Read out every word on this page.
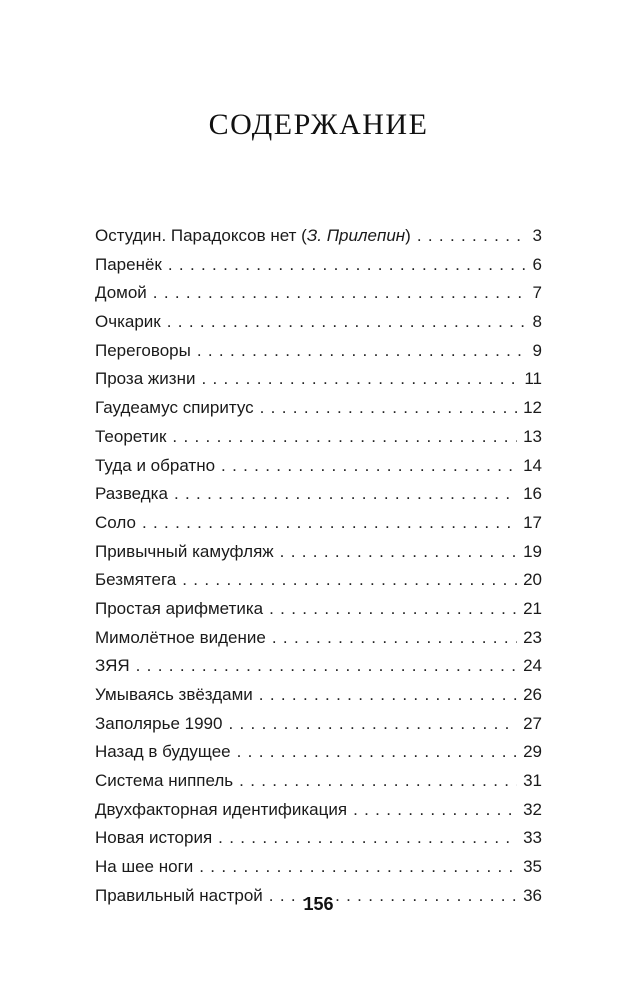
СОДЕРЖАНИЕ
Остудин. Парадоксов нет (З. Прилепин) . . .	3
Паренёк . . .	6
Домой . . .	7
Очкарик . . .	8
Переговоры . . .	9
Проза жизни . . .	11
Гаудеамус спиритус . . .	12
Теоретик . . .	13
Туда и обратно . . .	14
Разведка . . .	16
Соло . . .	17
Привычный камуфляж . . .	19
Безмятега . . .	20
Простая арифметика . . .	21
Мимолётное видение . . .	23
ЗЯЯ . . .	24
Умываясь звёздами . . .	26
Заполярье 1990 . . .	27
Назад в будущее . . .	29
Система ниппель . . .	31
Двухфакторная идентификация . . .	32
Новая история . . .	33
На шее ноги . . .	35
Правильный настрой . . .	36
156
